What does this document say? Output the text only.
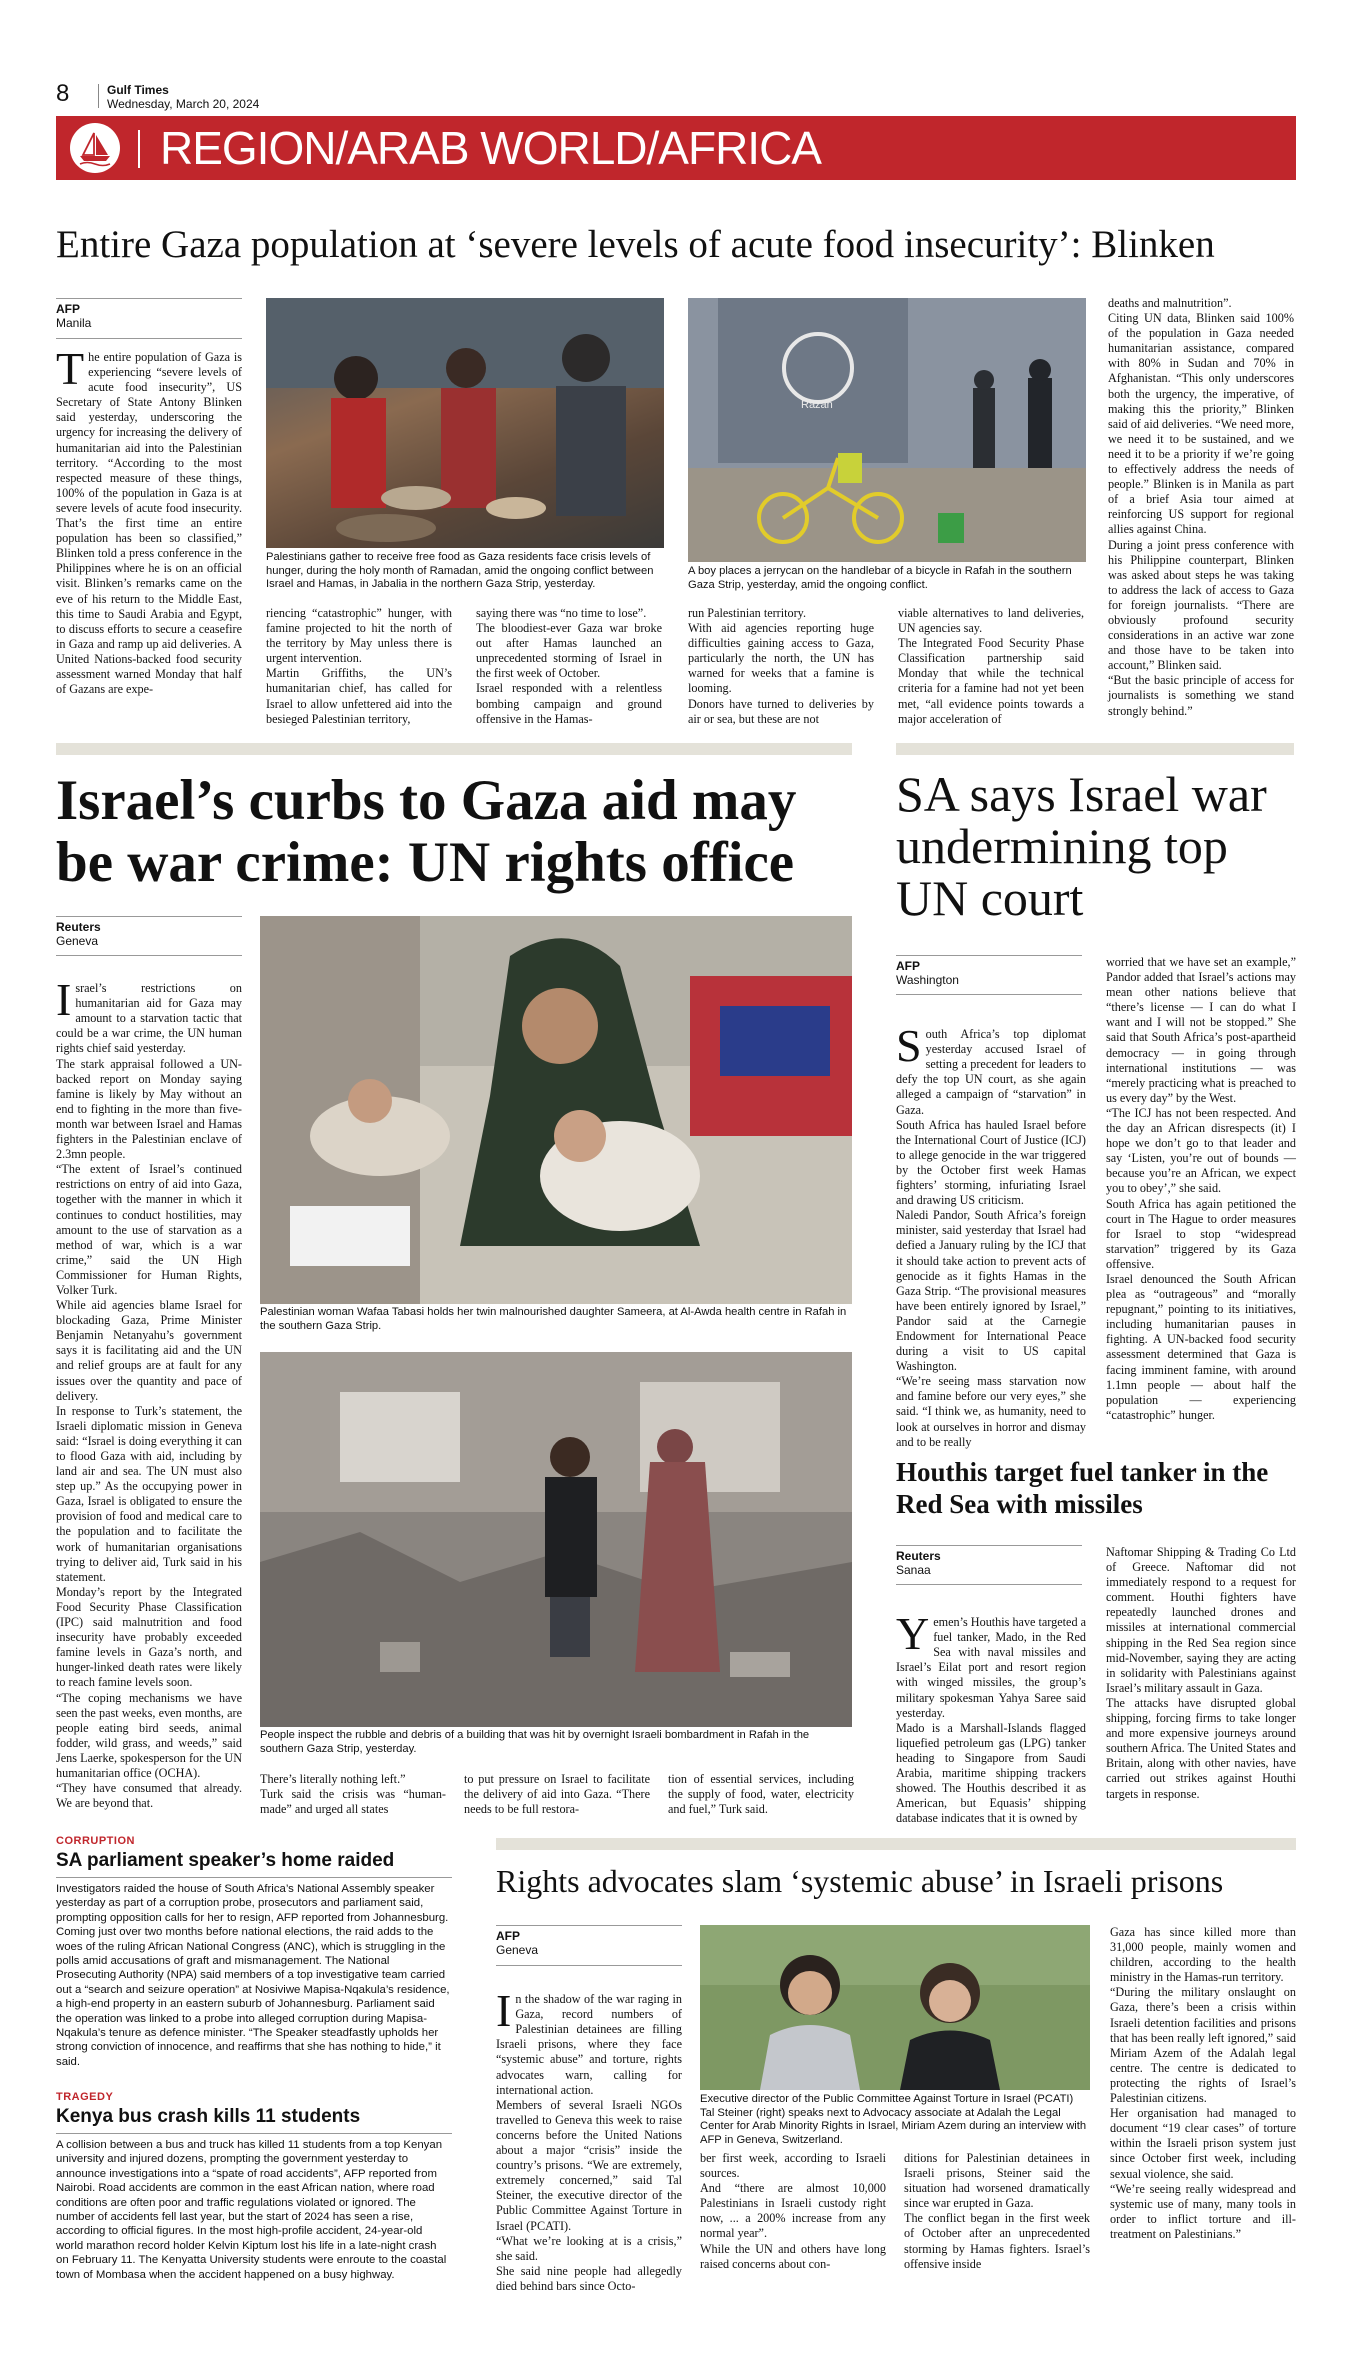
8	Gulf Times
Wednesday, March 20, 2024
REGION/ARAB WORLD/AFRICA
Entire Gaza population at ‘severe levels of acute food insecurity’: Blinken
AFP
Manila
The entire population of Gaza is experiencing “severe levels of acute food insecurity”, US Secretary of State Antony Blinken said yesterday, underscoring the urgency for increasing the delivery of humanitarian aid into the Palestinian territory. “According to the most respected measure of these things, 100% of the population in Gaza is at severe levels of acute food insecurity. That’s the first time an entire population has been so classified,” Blinken told a press conference in the Philippines where he is on an official visit. Blinken’s remarks came on the eve of his return to the Middle East, this time to Saudi Arabia and Egypt, to discuss efforts to secure a ceasefire in Gaza and ramp up aid deliveries. A United Nations-backed food security assessment warned Monday that half of Gazans are expe-
Palestinians gather to receive free food as Gaza residents face crisis levels of hunger, during the holy month of Ramadan, amid the ongoing conflict between Israel and Hamas, in Jabalia in the northern Gaza Strip, yesterday.
Razan
A boy places a jerrycan on the handlebar of a bicycle in Rafah in the southern Gaza Strip, yesterday, amid the ongoing conflict.
riencing “catastrophic” hunger, with famine projected to hit the north of the territory by May unless there is urgent intervention.
Martin Griffiths, the UN’s humanitarian chief, has called for Israel to allow unfettered aid into the besieged Palestinian territory,
saying there was “no time to lose”.
The bloodiest-ever Gaza war broke out after Hamas launched an unprecedented storming of Israel in the first week of October.
Israel responded with a relentless bombing campaign and ground offensive in the Hamas-
run Palestinian territory.
With aid agencies reporting huge difficulties gaining access to Gaza, particularly the north, the UN has warned for weeks that a famine is looming.
Donors have turned to deliveries by air or sea, but these are not
viable alternatives to land deliveries, UN agencies say.
The Integrated Food Security Phase Classification partnership said Monday that while the technical criteria for a famine had not yet been met, “all evidence points towards a major acceleration of
deaths and malnutrition”.
Citing UN data, Blinken said 100% of the population in Gaza needed humanitarian assistance, compared with 80% in Sudan and 70% in Afghanistan. “This only underscores both the urgency, the imperative, of making this the priority,” Blinken said of aid deliveries. “We need more, we need it to be sustained, and we need it to be a priority if we’re going to effectively address the needs of people.” Blinken is in Manila as part of a brief Asia tour aimed at reinforcing US support for regional allies against China.
During a joint press conference with his Philippine counterpart, Blinken was asked about steps he was taking to address the lack of access to Gaza for foreign journalists. “There are obviously profound security considerations in an active war zone and those have to be taken into account,” Blinken said.
“But the basic principle of access for journalists is something we stand strongly behind.”
Israel’s curbs to Gaza aid may be war crime: UN rights office
Reuters
Geneva

Israel’s restrictions on humanitarian aid for Gaza may amount to a starvation tactic that could be a war crime, the UN human rights chief said yesterday.
The stark appraisal followed a UN-backed report on Monday saying famine is likely by May without an end to fighting in the more than five-month war between Israel and Hamas fighters in the Palestinian enclave of 2.3mn people.
“The extent of Israel’s continued restrictions on entry of aid into Gaza, together with the manner in which it continues to conduct hostilities, may amount to the use of starvation as a method of war, which is a war crime,” said the UN High Commissioner for Human Rights, Volker Turk.
While aid agencies blame Israel for blockading Gaza, Prime Minister Benjamin Netanyahu’s government says it is facilitating aid and the UN and relief groups are at fault for any issues over the quantity and pace of delivery.
In response to Turk’s statement, the Israeli diplomatic mission in Geneva said: “Israel is doing everything it can to flood Gaza with aid, including by land air and sea. The UN must also step up.” As the occupying power in Gaza, Israel is obligated to ensure the provision of food and medical care to the population and to facilitate the work of humanitarian organisations trying to deliver aid, Turk said in his statement.
Monday’s report by the Integrated Food Security Phase Classification (IPC) said malnutrition and food insecurity have probably exceeded famine levels in Gaza’s north, and hunger-linked death rates were likely to reach famine levels soon.
“The coping mechanisms we have seen the past weeks, even months, are people eating bird seeds, animal fodder, wild grass, and weeds,” said Jens Laerke, spokesperson for the UN humanitarian office (OCHA).
“They have consumed that already. We are beyond that.

Palestinian woman Wafaa Tabasi holds her twin malnourished daughter Sameera, at Al-Awda health centre in Rafah in the southern Gaza Strip.
People inspect the rubble and debris of a building that was hit by overnight Israeli bombardment in Rafah in the southern Gaza Strip, yesterday.
There’s literally nothing left.”
Turk said the crisis was “human-made” and urged all states
to put pressure on Israel to facilitate the delivery of aid into Gaza. “There needs to be full restora-
tion of essential services, including the supply of food, water, electricity and fuel,” Turk said.
SA says Israel war undermining top UN court
AFP
Washington

South Africa’s top diplomat yesterday accused Israel of setting a precedent for leaders to defy the top UN court, as she again alleged a campaign of “starvation” in Gaza.
South Africa has hauled Israel before the International Court of Justice (ICJ) to allege genocide in the war triggered by the October first week Hamas fighters’ storming, infuriating Israel and drawing US criticism.
Naledi Pandor, South Africa’s foreign minister, said yesterday that Israel had defied a January ruling by the ICJ that it should take action to prevent acts of genocide as it fights Hamas in the Gaza Strip. “The provisional measures have been entirely ignored by Israel,” Pandor said at the Carnegie Endowment for International Peace during a visit to US capital Washington.
“We’re seeing mass starvation now and famine before our very eyes,” she said. “I think we, as humanity, need to look at ourselves in horror and dismay and to be really

worried that we have set an example,” Pandor added that Israel’s actions may mean other nations believe that “there’s license — I can do what I want and I will not be stopped.” She said that South Africa’s post-apartheid democracy — in going through international institutions — was “merely practicing what is preached to us every day” by the West.
“The ICJ has not been respected. And the day an African disrespects (it) I hope we don’t go to that leader and say ‘Listen, you’re out of bounds — because you’re an African, we expect you to obey’,” she said.
South Africa has again petitioned the court in The Hague to order measures for Israel to stop “widespread starvation” triggered by its Gaza offensive.
Israel denounced the South African plea as “outrageous” and “morally repugnant,” pointing to its initiatives, including humanitarian pauses in fighting. A UN-backed food security assessment determined that Gaza is facing imminent famine, with around 1.1mn people — about half the population — experiencing “catastrophic” hunger.
Houthis target fuel tanker in the Red Sea with missiles
Reuters
Sanaa

Yemen’s Houthis have targeted a fuel tanker, Mado, in the Red Sea with naval missiles and Israel’s Eilat port and resort region with winged missiles, the group’s military spokesman Yahya Saree said yesterday.
Mado is a Marshall-Islands flagged liquefied petroleum gas (LPG) tanker heading to Singapore from Saudi Arabia, maritime shipping trackers showed. The Houthis described it as American, but Equasis’ shipping database indicates that it is owned by

Naftomar Shipping & Trading Co Ltd of Greece. Naftomar did not immediately respond to a request for comment. Houthi fighters have repeatedly launched drones and missiles at international commercial shipping in the Red Sea region since mid-November, saying they are acting in solidarity with Palestinians against Israel’s military assault in Gaza.
The attacks have disrupted global shipping, forcing firms to take longer and more expensive journeys around southern Africa. The United States and Britain, along with other navies, have carried out strikes against Houthi targets in response.
CORRUPTION
SA parliament speaker’s home raided
Investigators raided the house of South Africa’s National Assembly speaker yesterday as part of a corruption probe, prosecutors and parliament said, prompting opposition calls for her to resign, AFP reported from Johannesburg. Coming just over two months before national elections, the raid adds to the woes of the ruling African National Congress (ANC), which is struggling in the polls amid accusations of graft and mismanagement. The National Prosecuting Authority (NPA) said members of a top investigative team carried out a “search and seizure operation” at Nosiviwe Mapisa-Nqakula’s residence, a high-end property in an eastern suburb of Johannesburg. Parliament said the operation was linked to a probe into alleged corruption during Mapisa-Nqakula’s tenure as defence minister. “The Speaker steadfastly upholds her strong conviction of innocence, and reaffirms that she has nothing to hide,” it said.
TRAGEDY
Kenya bus crash kills 11 students
A collision between a bus and truck has killed 11 students from a top Kenyan university and injured dozens, prompting the government yesterday to announce investigations into a “spate of road accidents”, AFP reported from Nairobi. Road accidents are common in the east African nation, where road conditions are often poor and traffic regulations violated or ignored. The number of accidents fell last year, but the start of 2024 has seen a rise, according to official figures. In the most high-profile accident, 24-year-old world marathon record holder Kelvin Kiptum lost his life in a late-night crash on February 11. The Kenyatta University students were enroute to the coastal town of Mombasa when the accident happened on a busy highway.
Rights advocates slam ‘systemic abuse’ in Israeli prisons
AFP
Geneva

In the shadow of the war raging in Gaza, record numbers of Palestinian detainees are filling Israeli prisons, where they face “systemic abuse” and torture, rights advocates warn, calling for international action.
Members of several Israeli NGOs travelled to Geneva this week to raise concerns before the United Nations about a major “crisis” inside the country’s prisons. “We are extremely, extremely concerned,” said Tal Steiner, the executive director of the Public Committee Against Torture in Israel (PCATI).
“What we’re looking at is a crisis,” she said.
She said nine people had allegedly died behind bars since Octo-

Executive director of the Public Committee Against Torture in Israel (PCATI) Tal Steiner (right) speaks next to Advocacy associate at Adalah the Legal Center for Arab Minority Rights in Israel, Miriam Azem during an interview with AFP in Geneva, Switzerland.
ber first week, according to Israeli sources.
And “there are almost 10,000 Palestinians in Israeli custody right now, ... a 200% increase from any normal year”.
While the UN and others have long raised concerns about con-
ditions for Palestinian detainees in Israeli prisons, Steiner said the situation had worsened dramatically since war erupted in Gaza.
The conflict began in the first week of October after an unprecedented storming by Hamas fighters. Israel’s offensive inside
Gaza has since killed more than 31,000 people, mainly women and children, according to the health ministry in the Hamas-run territory.
“During the military onslaught on Gaza, there’s been a crisis within Israeli detention facilities and prisons that has been really left ignored,” said Miriam Azem of the Adalah legal centre. The centre is dedicated to protecting the rights of Israel’s Palestinian citizens.
Her organisation had managed to document “19 clear cases” of torture within the Israeli prison system just since October first week, including sexual violence, she said.
“We’re seeing really widespread and systemic use of many, many tools in order to inflict torture and ill-treatment on Palestinians.”
